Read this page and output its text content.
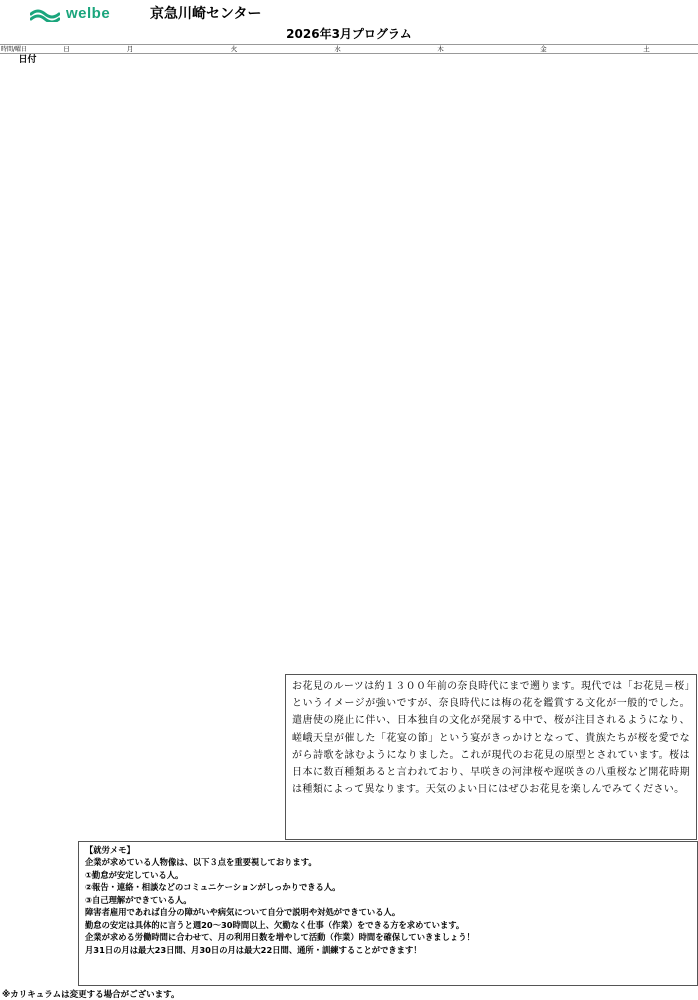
welbe	京急川崎センター
2026年3月プログラム
時間/曜日
日付
日	月	火	水	木	金	土
お花見のルーツは約１３００年前の奈良時代にまで遡ります。現代では「お花見＝桜」というイメージが強いですが、奈良時代には梅の花を鑑賞する文化が一般的でした。遣唐使の廃止に伴い、日本独自の文化が発展する中で、桜が注目されるようになり、嵯峨天皇が催した「花宴の節」という宴がきっかけとなって、貴族たちが桜を愛でながら詩歌を詠むようになりました。これが現代のお花見の原型とされています。桜は日本に数百種類あると言われており、早咲きの河津桜や遅咲きの八重桜など開花時期は種類によって異なります。天気のよい日にはぜひお花見を楽しんでみてください。
【就労メモ】
企業が求めている人物像は、以下３点を重要視しております。
①勤怠が安定している人。
②報告・連絡・相談などのコミュニケーションがしっかりできる人。
③自己理解ができている人。
障害者雇用であれば自分の障がいや病気について自分で説明や対処ができている人。
勤怠の安定は具体的に言うと週20～30時間以上、欠勤なく仕事（作業）をできる方を求めています。
企業が求める労働時間に合わせて、月の利用日数を増やして活動（作業）時間を確保していきましょう！
月31日の月は最大23日間、月30日の月は最大22日間、通所・訓練することができます！
※カリキュラムは変更する場合がございます。
